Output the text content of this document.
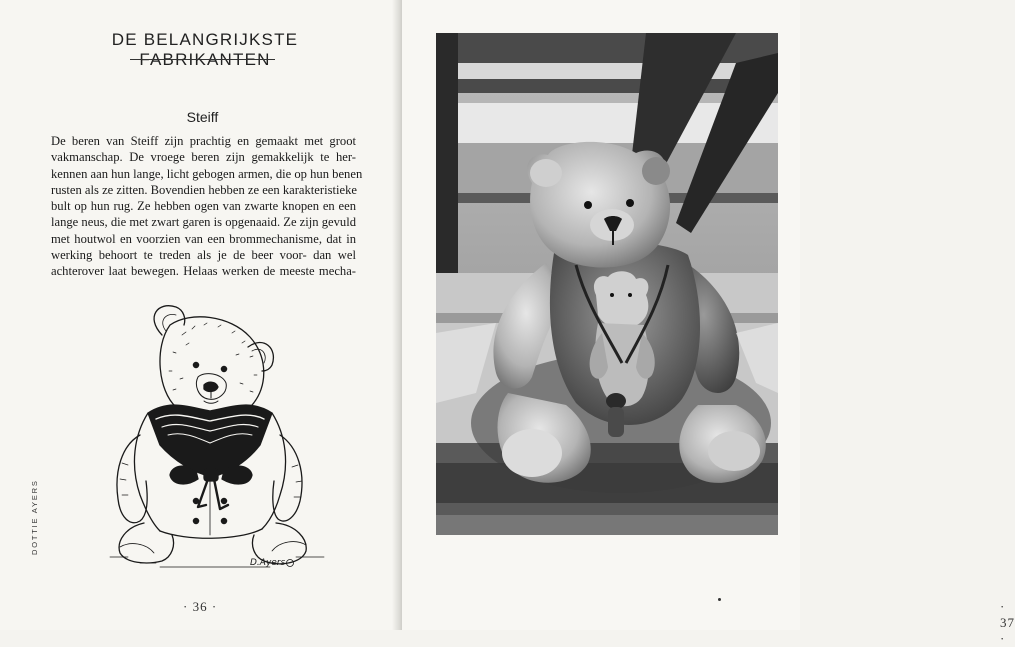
DE BELANGRIJKSTE FABRIKANTEN
Steiff
De beren van Steiff zijn prachtig en gemaakt met groot
vakmanschap. De vroege beren zijn gemakkelijk te her-
kennen aan hun lange, licht gebogen armen, die op hun benen
rusten als ze zitten. Bovendien hebben ze een karakteristieke
bult op hun rug. Ze hebben ogen van zwarte knopen en een
lange neus, die met zwart garen is opgenaaid. Ze zijn gevuld
met houtwol en voorzien van een brommechanisme, dat in
werking behoort te treden als je de beer voor- dan wel
achterover laat bewegen. Helaas werken de meeste mecha-
D.Ayers
DOTTIE AYERS
· 36 ·	· 37 ·
